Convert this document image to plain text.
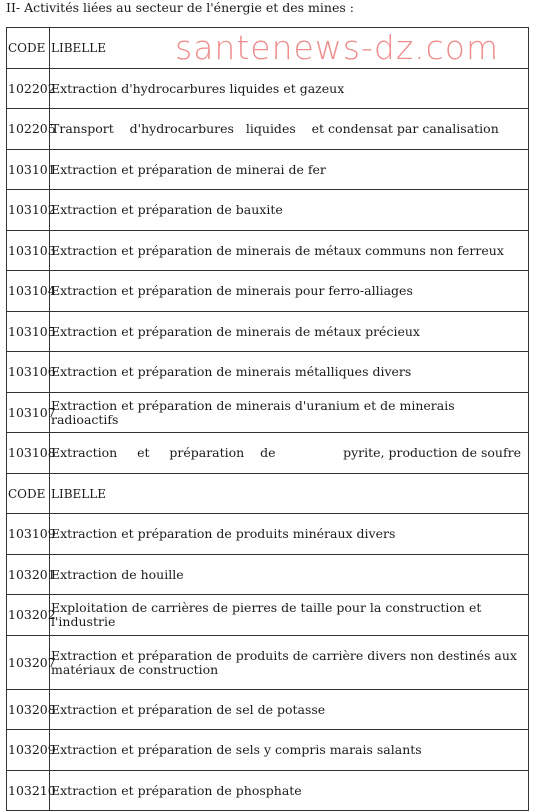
II- Activités liées au secteur de l'énergie et des mines :
CODE LIBELLE
102202
Extraction d'hydrocarbures liquides et gazeux
102205
Transport    d'hydrocarbures   liquides    et condensat par canalisation
103101
Extraction et préparation de minerai de fer
103102
Extraction et préparation de bauxite
103103
Extraction et préparation de minerais de métaux communs non ferreux
103104
Extraction et préparation de minerais pour ferro-alliages
103105
Extraction et préparation de minerais de métaux précieux
103106
Extraction et préparation de minerais métalliques divers
103107
Extraction et préparation de minerais d'uranium et de minerais radioactifs
103108
Extraction     et     préparation    de                 pyrite, production de soufre
CODE LIBELLE
103109
Extraction et préparation de produits minéraux divers
103201
Extraction de houille
103202
Exploitation de carrières de pierres de taille pour la construction et l'industrie
103207
Extraction et préparation de produits de carrière divers non destinés aux matériaux de construction
103208
Extraction et préparation de sel de potasse
103209
Extraction et préparation de sels y compris marais salants
103210
Extraction et préparation de phosphate
santenews-dz.com
